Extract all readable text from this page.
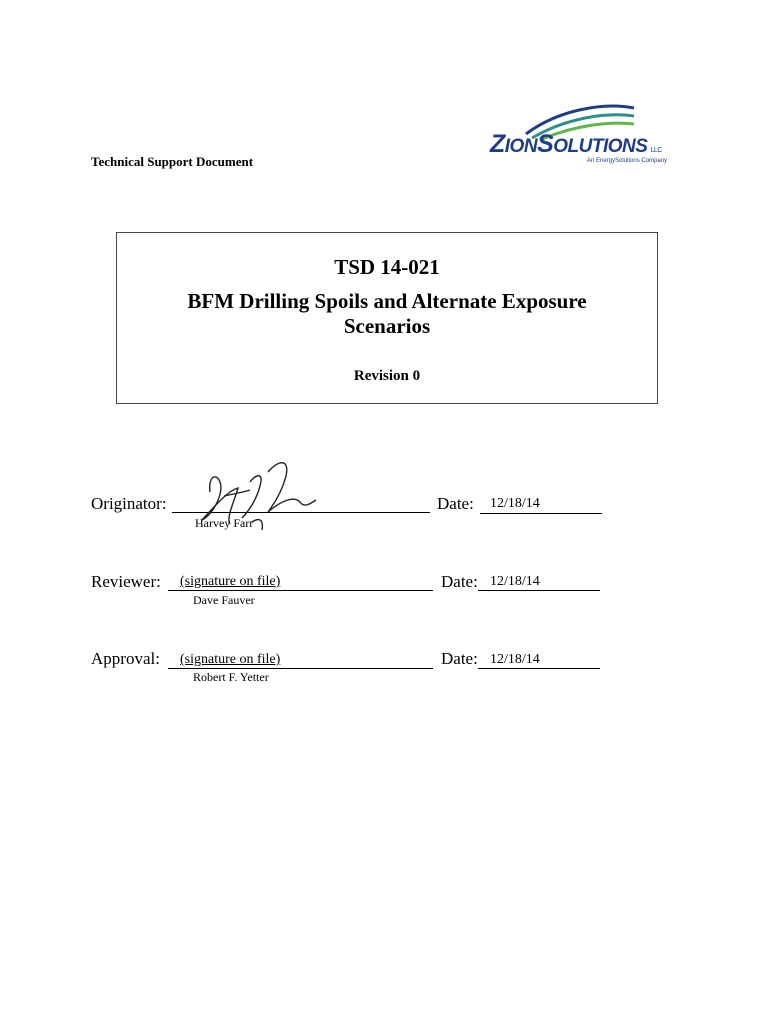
Technical Support Document
ZIONSOLUTIONS LLC
An EnergySolutions Company
TSD 14-021
BFM Drilling Spoils and Alternate Exposure Scenarios
Revision 0
Originator:
Harvey Farr
Date: 12/18/14
Reviewer: (signature on file)
Dave Fauver
Date: 12/18/14
Approval: (signature on file)
Robert F. Yetter
Date: 12/18/14
